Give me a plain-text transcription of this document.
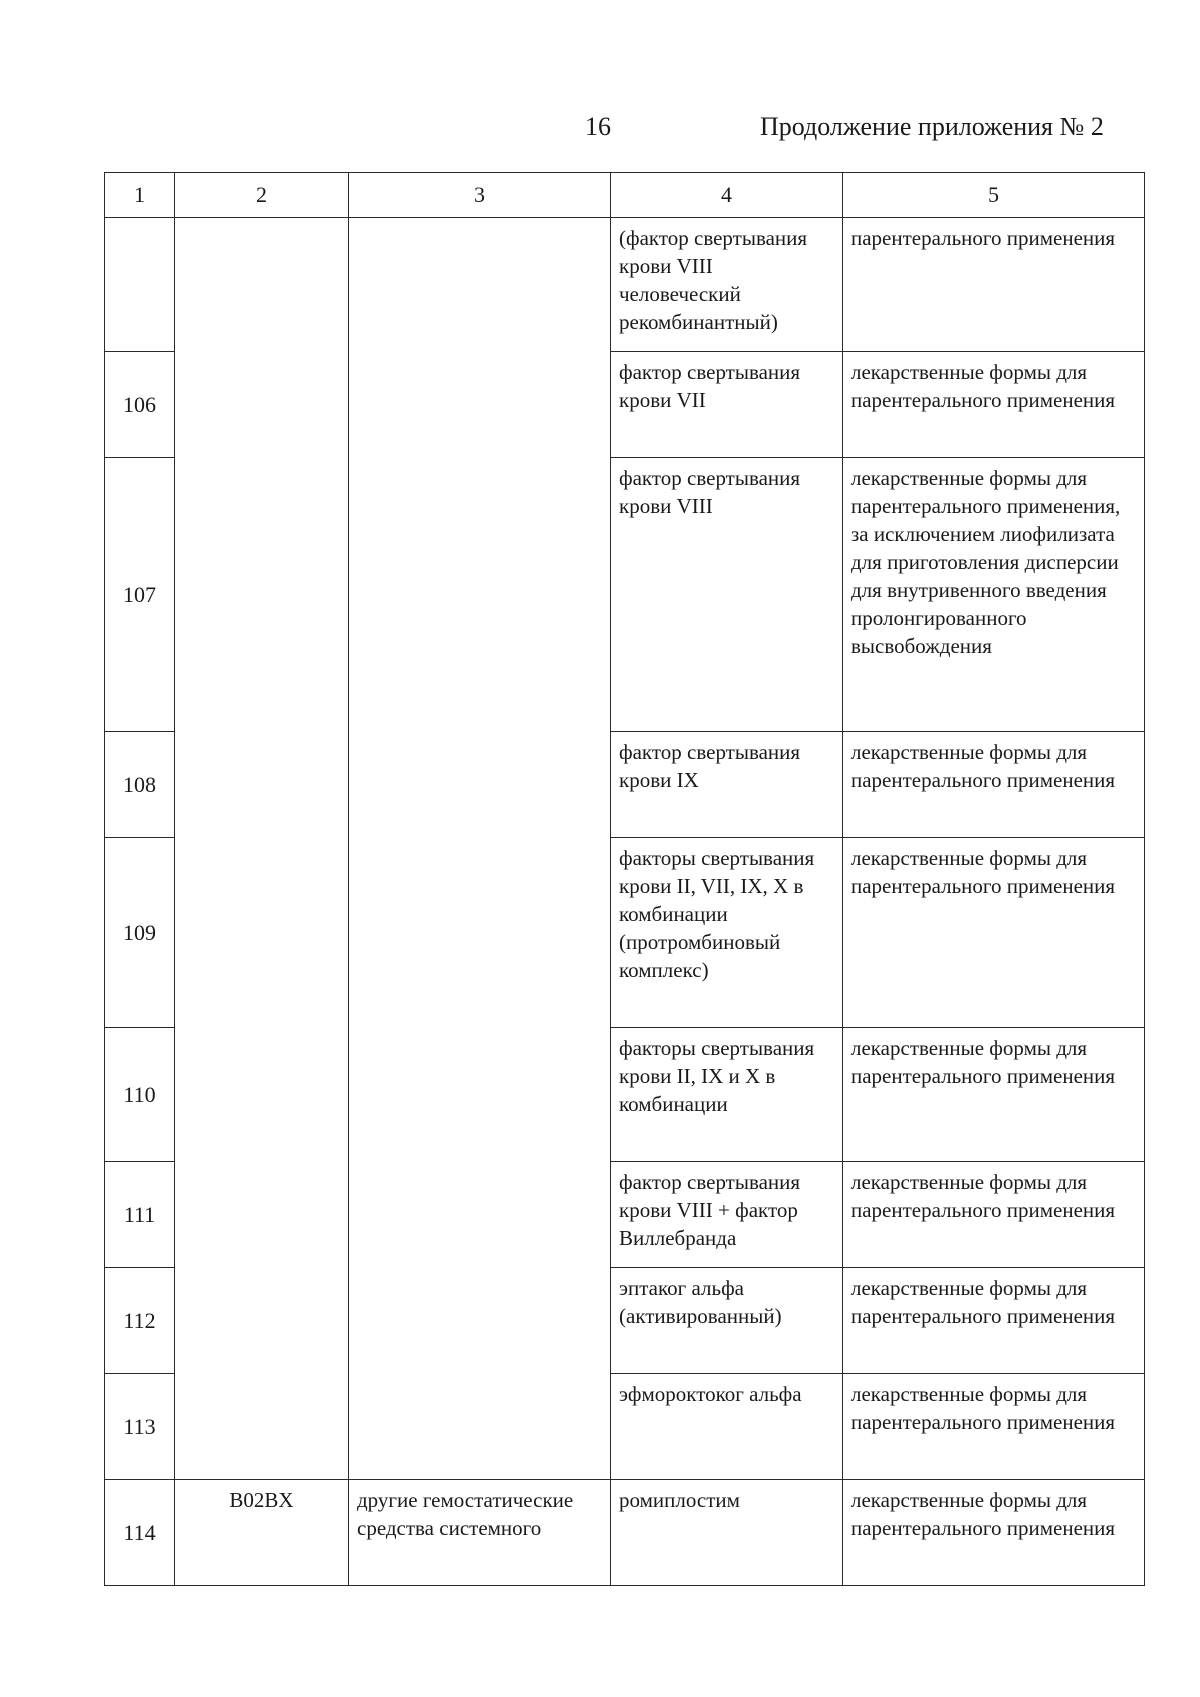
16	Продолжение приложения № 2
1	2	3	4	5
			(фактор свертывания крови VIII человеческий рекомбинантный)	парентерального применения
106			фактор свертывания крови VII	лекарственные формы для парентерального применения
107			фактор свертывания крови VIII	лекарственные формы для парентерального применения, за исключением лиофилизата для приготовления дисперсии для внутривенного введения пролонгированного высвобождения
108			фактор свертывания крови IX	лекарственные формы для парентерального применения
109			факторы свертывания крови II, VII, IX, X в комбинации (протромбиновый комплекс)	лекарственные формы для парентерального применения
110			факторы свертывания крови II, IX и X в комбинации	лекарственные формы для парентерального применения
111			фактор свертывания крови VIII + фактор Виллебранда	лекарственные формы для парентерального применения
112			эптаког альфа (активированный)	лекарственные формы для парентерального применения
113			эфмороктоког альфа	лекарственные формы для парентерального применения
114	B02BX	другие гемостатические средства системного	ромиплостим	лекарственные формы для парентерального применения
